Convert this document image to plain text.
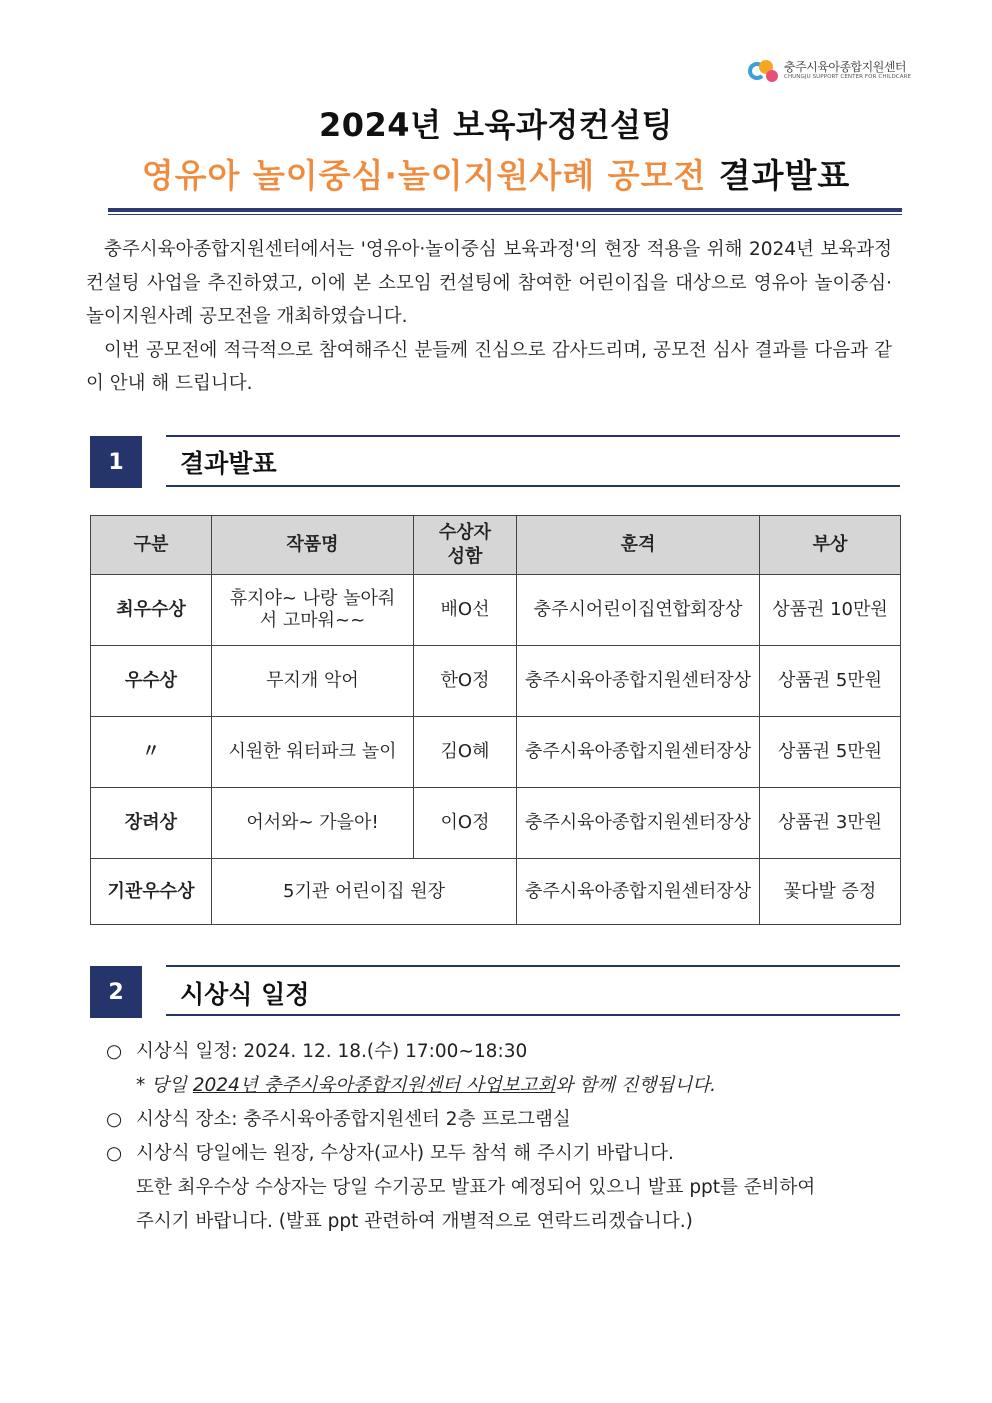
충주시육아종합지원센터
CHUNGJU SUPPORT CENTER FOR CHILDCARE
2024년 보육과정컨설팅
영유아 놀이중심·놀이지원사례 공모전 결과발표

충주시육아종합지원센터에서는 '영유아·놀이중심 보육과정'의 현장 적용을 위해 2024년 보육과정 컨설팅 사업을 추진하였고, 이에 본 소모임 컨설팅에 참여한 어린이집을 대상으로 영유아 놀이중심·놀이지원사례 공모전을 개최하였습니다.

이번 공모전에 적극적으로 참여해주신 분들께 진심으로 감사드리며, 공모전 심사 결과를 다음과 같이 안내 해 드립니다.

1	결과발표
구분	작품명	수상자 성함	훈격	부상
최우수상	휴지야~ 나랑 놀아줘서 고마워~~	배O선	충주시어린이집연합회장상	상품권 10만원
우수상	무지개 악어	한O정	충주시육아종합지원센터장상	상품권 5만원
〃	시원한 워터파크 놀이	김O혜	충주시육아종합지원센터장상	상품권 5만원
장려상	어서와~ 가을아!	이O정	충주시육아종합지원센터장상	상품권 3만원
기관우수상	5기관 어린이집 원장		충주시육아종합지원센터장상	꽃다발 증정
2	시상식 일정
○ 시상식 일정: 2024. 12. 18.(수) 17:00~18:30
* 당일 2024년 충주시육아종합지원센터 사업보고회와 함께 진행됩니다.
○ 시상식 장소: 충주시육아종합지원센터 2층 프로그램실
○ 시상식 당일에는 원장, 수상자(교사) 모두 참석 해 주시기 바랍니다.
또한 최우수상 수상자는 당일 수기공모 발표가 예정되어 있으니 발표 ppt를 준비하여
주시기 바랍니다. (발표 ppt 관련하여 개별적으로 연락드리겠습니다.)
